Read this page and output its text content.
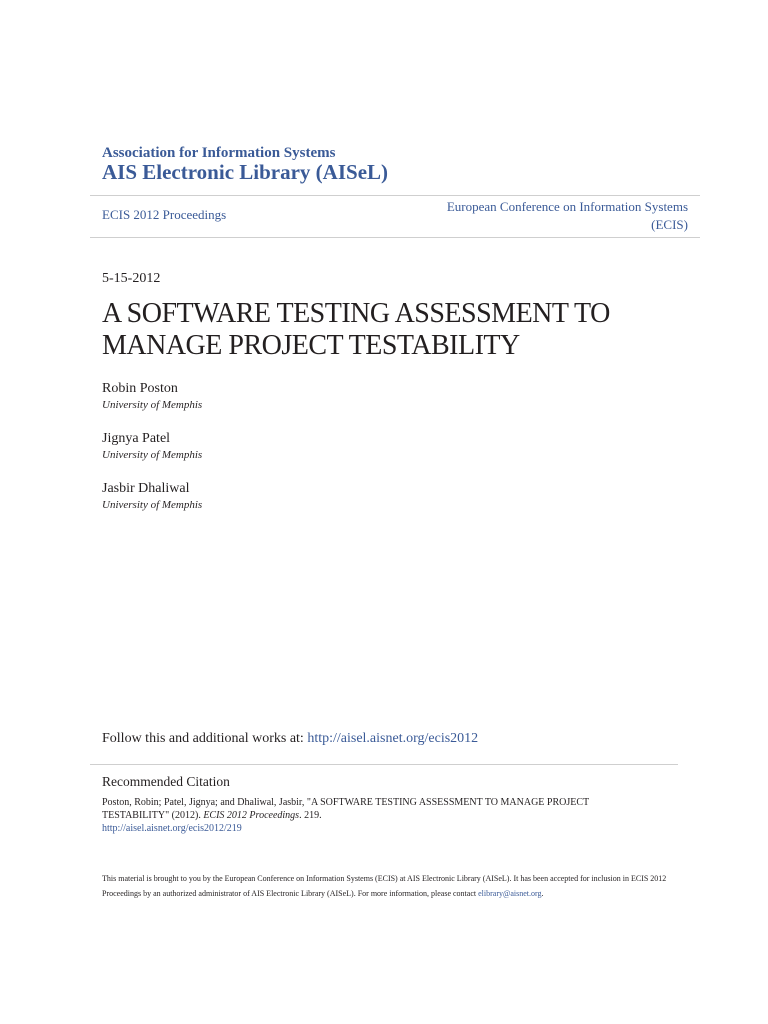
Association for Information Systems
AIS Electronic Library (AISeL)
ECIS 2012 Proceedings
European Conference on Information Systems
(ECIS)
5-15-2012
A SOFTWARE TESTING ASSESSMENT TO
MANAGE PROJECT TESTABILITY
Robin Poston
University of Memphis
Jignya Patel
University of Memphis
Jasbir Dhaliwal
University of Memphis
Follow this and additional works at: http://aisel.aisnet.org/ecis2012
Recommended Citation
Poston, Robin; Patel, Jignya; and Dhaliwal, Jasbir, "A SOFTWARE TESTING ASSESSMENT TO MANAGE PROJECT TESTABILITY" (2012). ECIS 2012 Proceedings. 219.
http://aisel.aisnet.org/ecis2012/219
This material is brought to you by the European Conference on Information Systems (ECIS) at AIS Electronic Library (AISeL). It has been accepted for inclusion in ECIS 2012 Proceedings by an authorized administrator of AIS Electronic Library (AISeL). For more information, please contact elibrary@aisnet.org.
